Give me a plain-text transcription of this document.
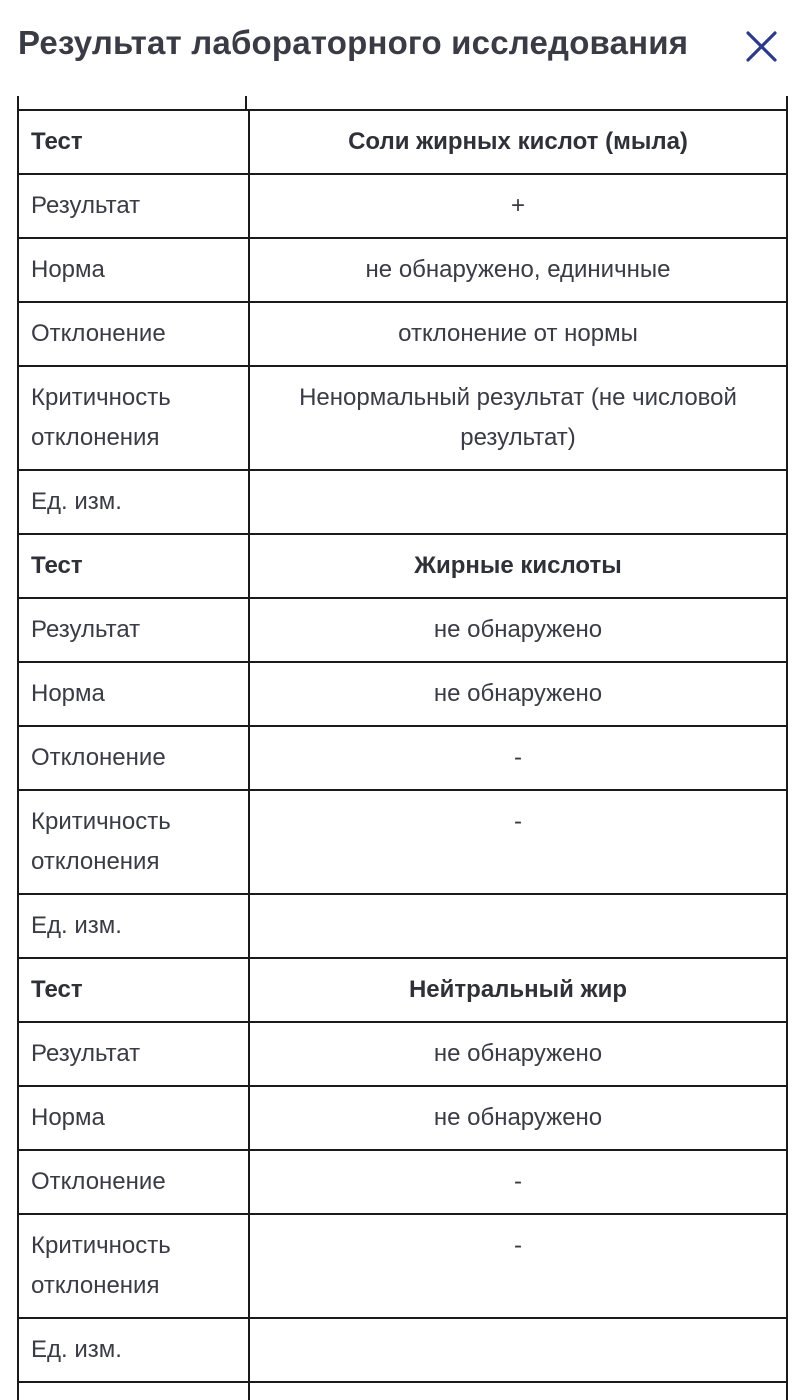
Результат лабораторного исследования
Тест	Соли жирных кислот (мыла)
Результат	+
Норма	не обнаружено, единичные
Отклонение	отклонение от нормы
Критичность отклонения	Ненормальный результат (не числовой результат)
Ед. изм.	
Тест	Жирные кислоты
Результат	не обнаружено
Норма	не обнаружено
Отклонение	-
Критичность отклонения	-
Ед. изм.	
Тест	Нейтральный жир
Результат	не обнаружено
Норма	не обнаружено
Отклонение	-
Критичность отклонения	-
Ед. изм.	
